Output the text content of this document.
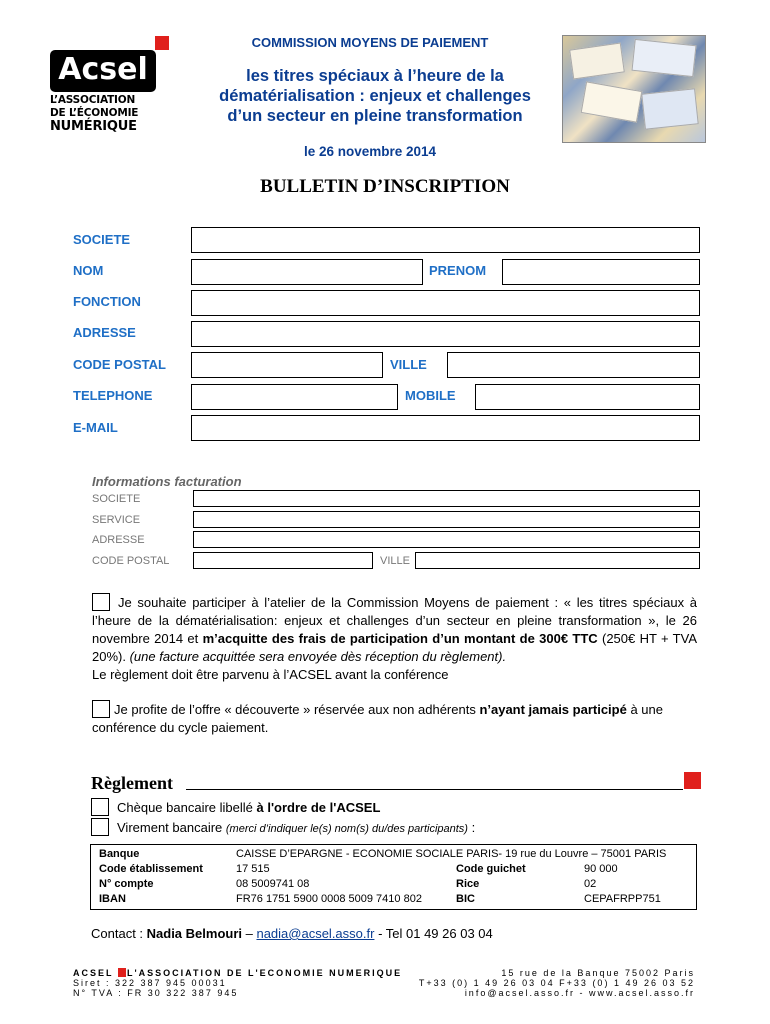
Acsel
L’ASSOCIATION
DE L’ÉCONOMIE
NUMÉRIQUE
COMMISSION MOYENS DE PAIEMENT
les titres spéciaux à l’heure de la
dématérialisation : enjeux et challenges
d’un secteur en pleine transformation
le 26 novembre 2014
BULLETIN D’INSCRIPTION
SOCIETE
NOM	PRENOM
FONCTION
ADRESSE
CODE POSTAL	VILLE
TELEPHONE	MOBILE
E-MAIL
Informations facturation
SOCIETE
SERVICE
ADRESSE
CODE POSTAL	VILLE
Je souhaite participer à l’atelier de la Commission Moyens de paiement : « les titres spéciaux à l’heure de la dématérialisation: enjeux et challenges d’un secteur en pleine transformation », le 26 novembre 2014 et m’acquitte des frais de participation d’un montant de 300€ TTC (250€ HT + TVA 20%). (une facture acquittée sera envoyée dès réception du règlement).
Le règlement doit être parvenu à l’ACSEL avant la conférence
Je profite de l’offre « découverte » réservée aux non adhérents n’ayant jamais participé à une conférence du cycle paiement.
Règlement
Chèque bancaire libellé à l'ordre de l'ACSEL
Virement bancaire (merci d’indiquer le(s) nom(s) du/des participants) :
Banque	CAISSE D’EPARGNE - ECONOMIE SOCIALE PARIS- 19 rue du Louvre – 75001 PARIS
Code établissement	17 515	Code guichet	90 000
N° compte	08 5009741 08	Rice	02
IBAN	FR76 1751 5900 0008 5009 7410 802	BIC	CEPAFRPP751
Contact : Nadia Belmouri – nadia@acsel.asso.fr - Tel 01 49 26 03 04
ACSEL L'ASSOCIATION DE L'ECONOMIE NUMERIQUE
Siret : 322 387 945 00031
N° TVA : FR 30 322 387 945
15 rue de la Banque 75002 Paris
T+33 (0) 1 49 26 03 04 F+33 (0) 1 49 26 03 52
info@acsel.asso.fr - www.acsel.asso.fr
